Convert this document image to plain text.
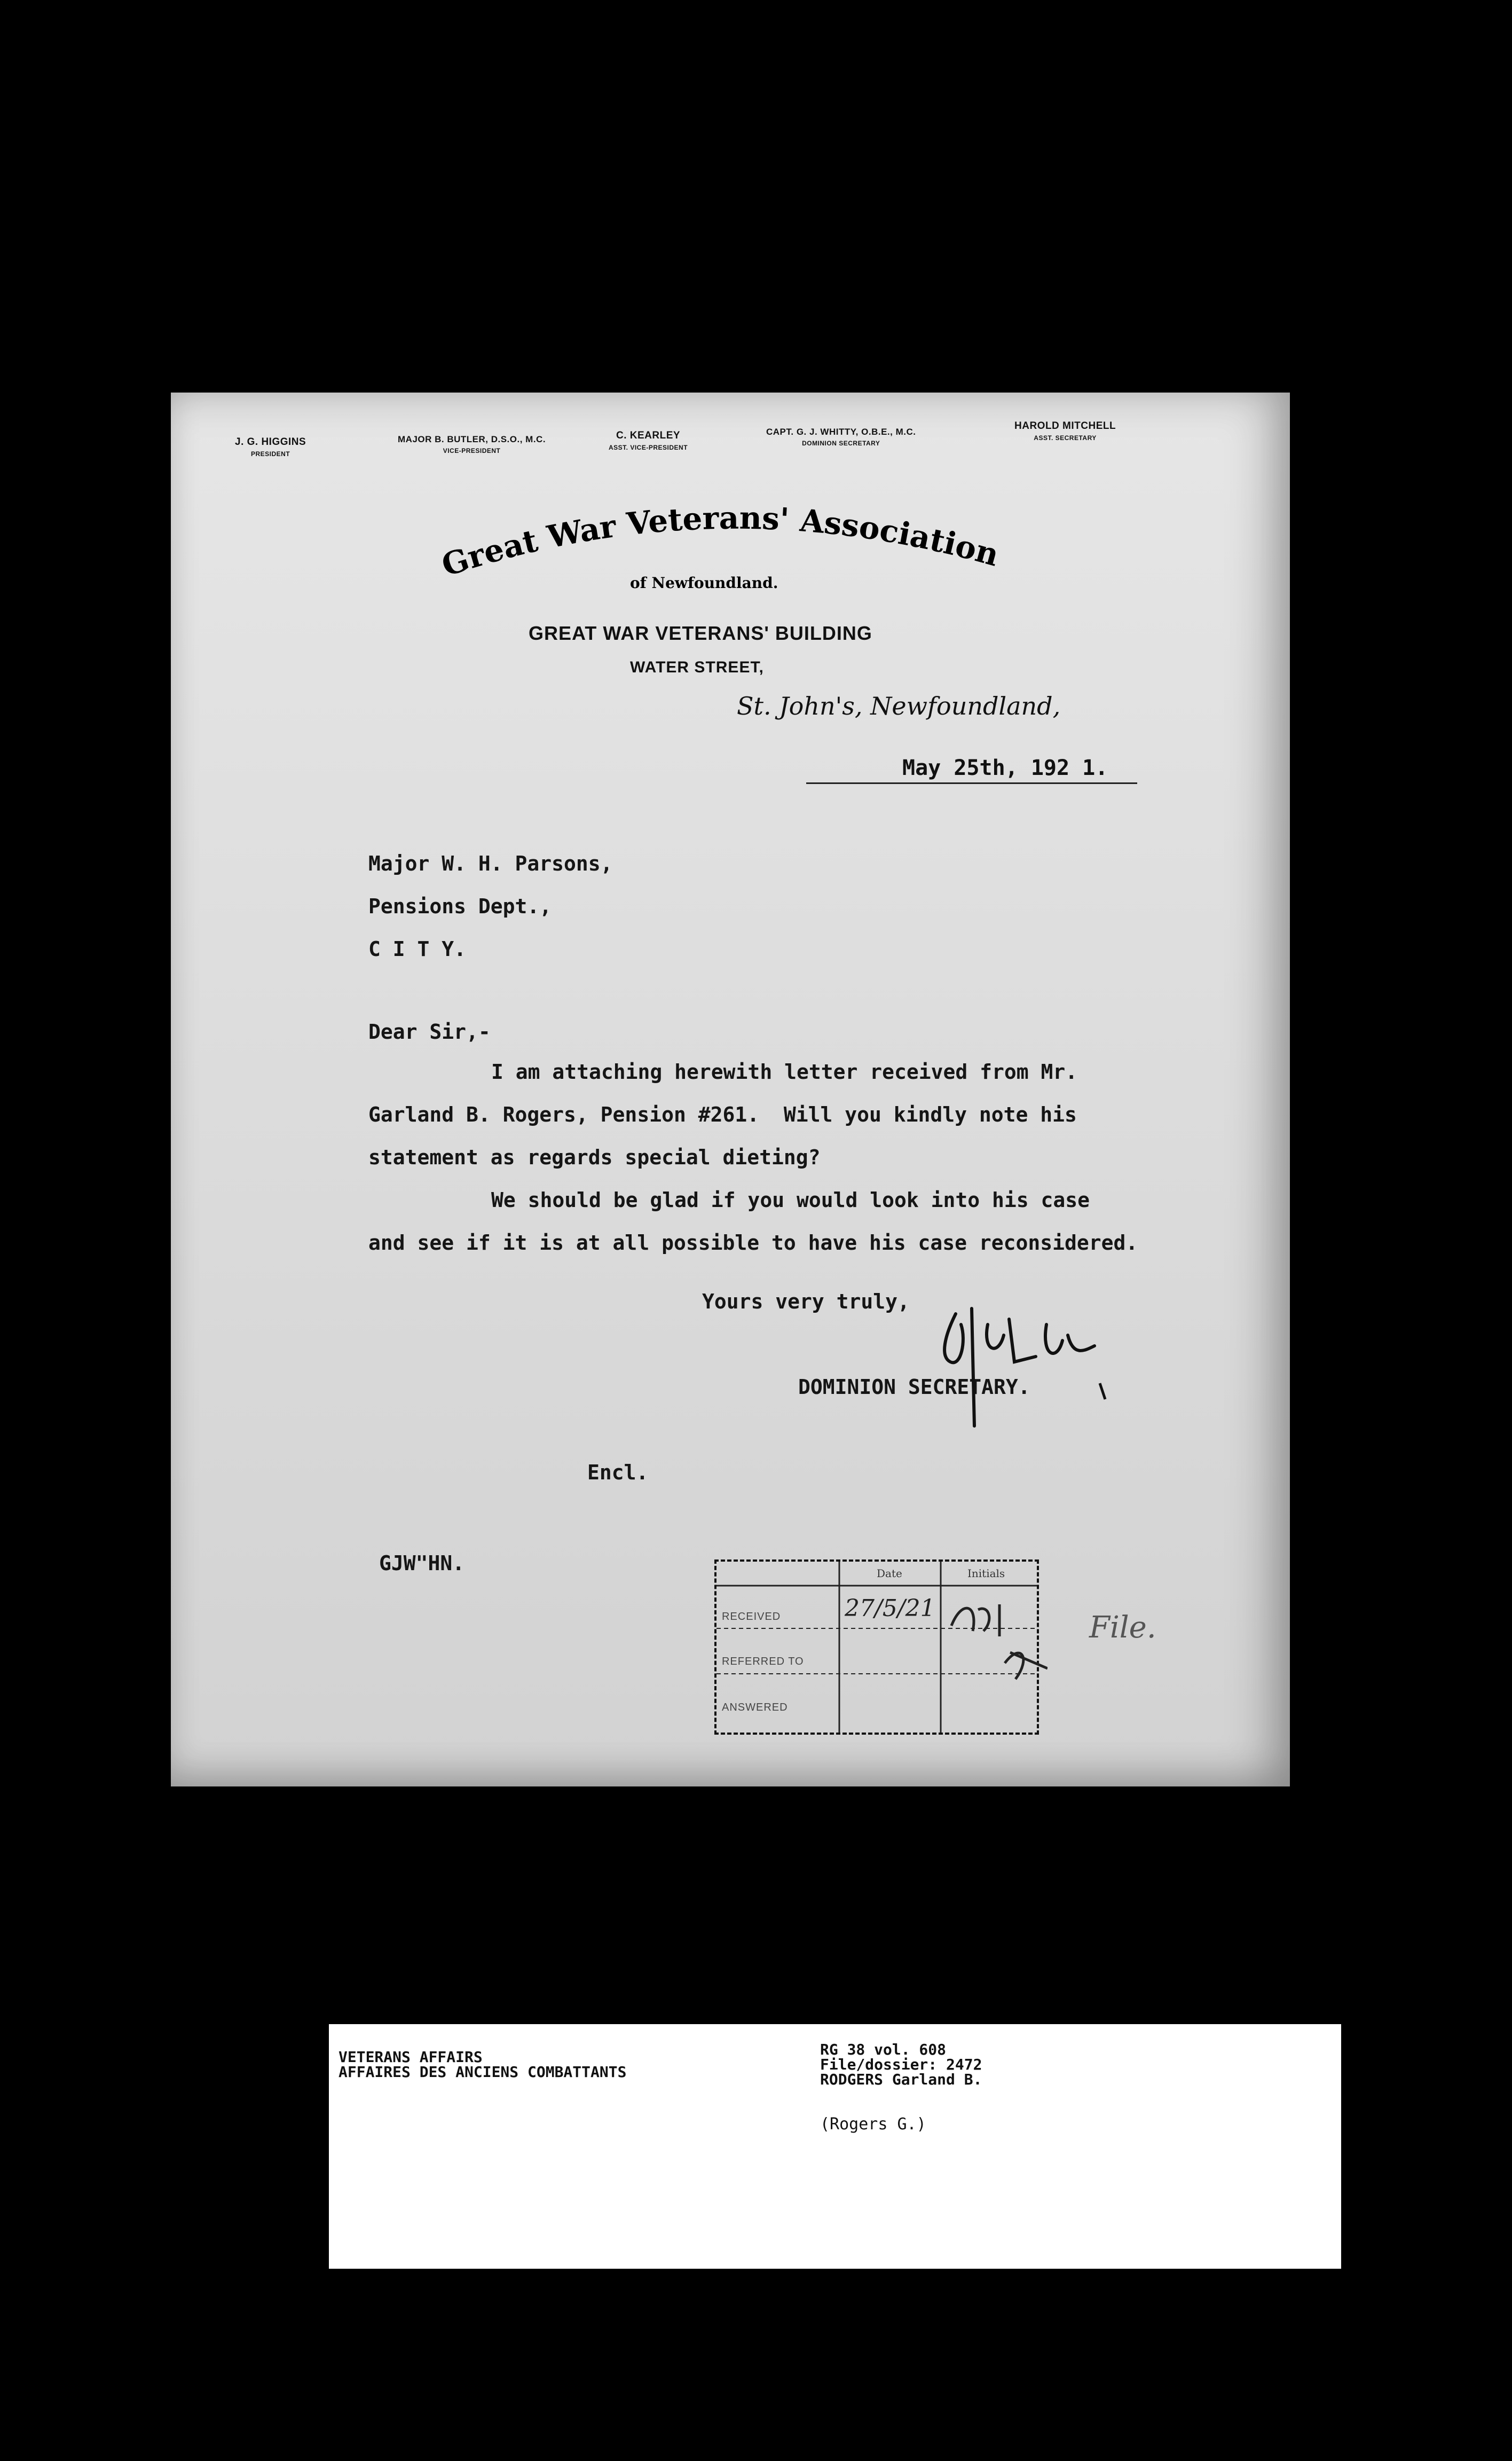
J. G. HIGGINS
PRESIDENT
MAJOR B. BUTLER, D.S.O., M.C.
VICE-PRESIDENT
C. KEARLEY
ASST. VICE-PRESIDENT
CAPT. G. J. WHITTY, O.B.E., M.C.
DOMINION SECRETARY
HAROLD MITCHELL
ASST. SECRETARY
Great War Veterans' Association
of Newfoundland.
GREAT WAR VETERANS' BUILDING
WATER STREET,
St. John's, Newfoundland,
May 25th, 192 1.
Major W. H. Parsons,
Pensions Dept.,
C I T Y.
Dear Sir,-
I am attaching herewith letter received from Mr.
Garland B. Rogers, Pension #261.  Will you kindly note his
statement as regards special dieting?
We should be glad if you would look into his case
and see if it is at all possible to have his case reconsidered.
Yours very truly,
DOMINION SECRETARY.
Encl.
GJW"HN.	Date	Initials
RECEIVED
REFERRED TO
ANSWERED
27/5/21
File.
VETERANS AFFAIRS
AFFAIRES DES ANCIENS COMBATTANTS
RG 38 vol. 608
File/dossier: 2472
RODGERS Garland B.
(Rogers G.)
